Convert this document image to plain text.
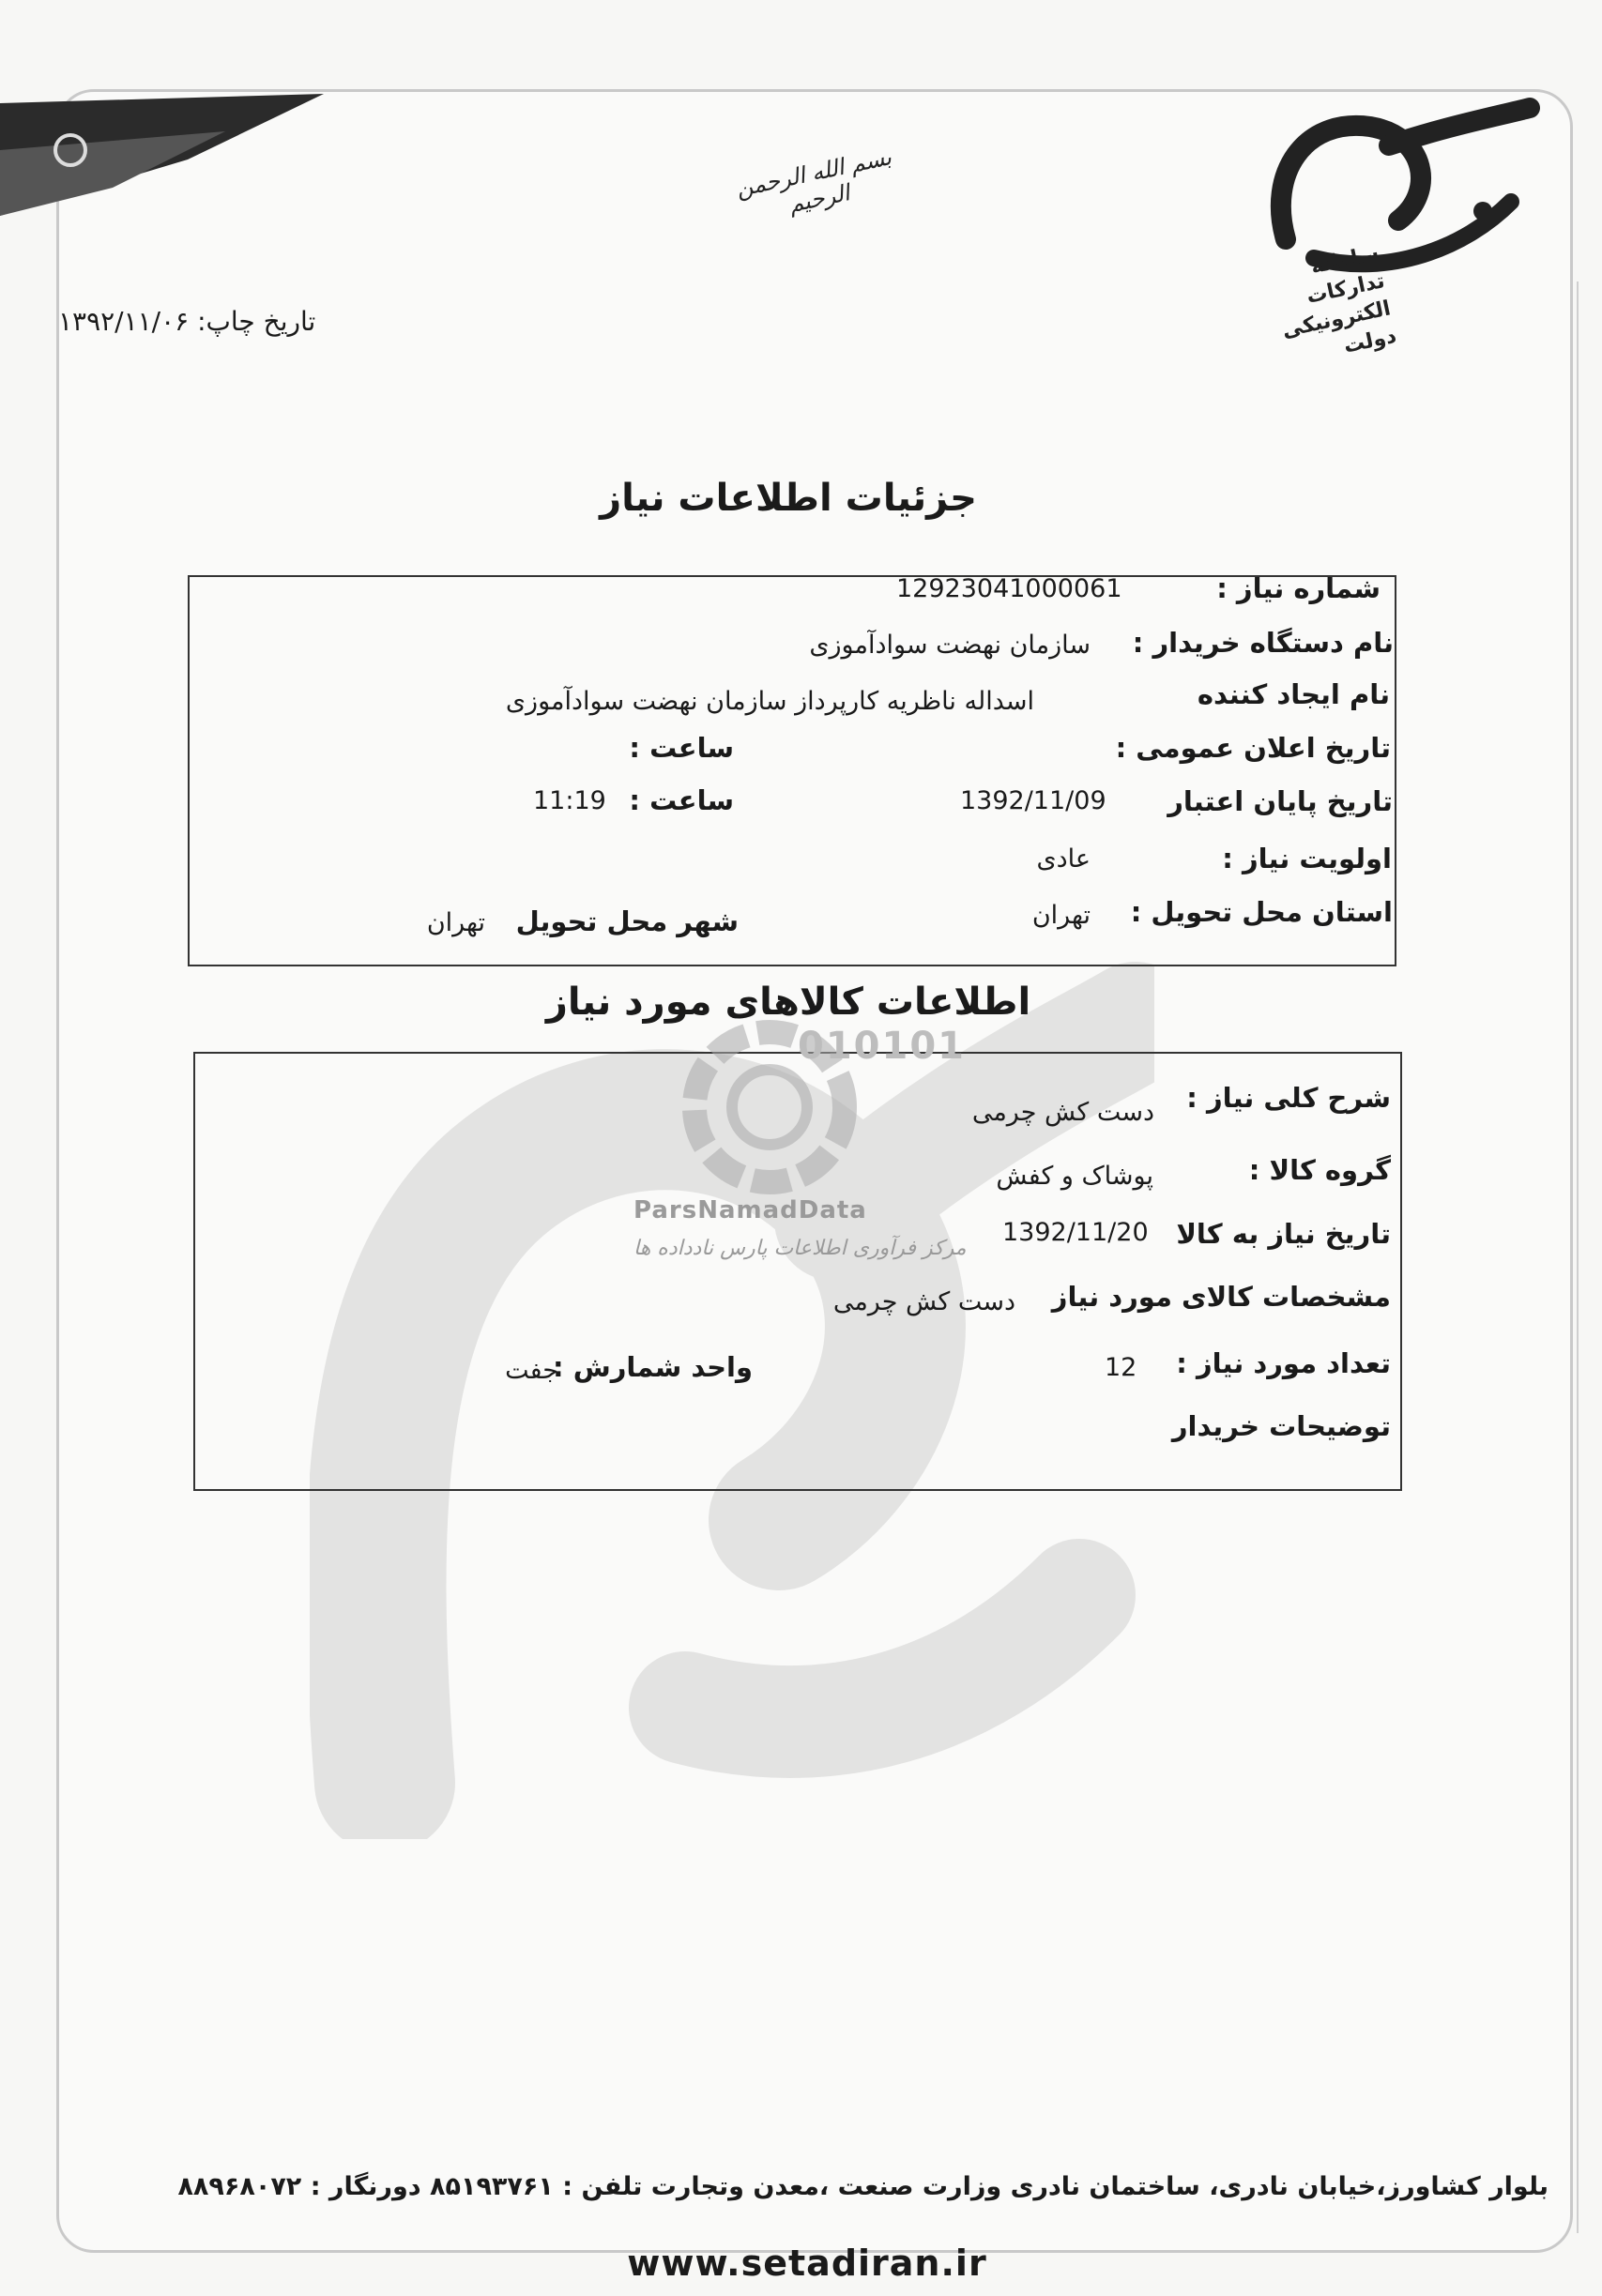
سامانه تدارکات الکترونیکی دولت
بسم الله الرحمن الرحیم
تاریخ چاپ: ۱۳۹۲/۱۱/۰۶
جزئیات اطلاعات نیاز
شماره نیاز :
12923041000061
نام دستگاه خریدار :
سازمان نهضت سوادآموزی
نام ایجاد کننده
اسداله ناظریه کارپرداز سازمان نهضت سوادآموزی
تاریخ اعلان عمومی :
ساعت :
تاریخ پایان اعتبار
1392/11/09
ساعت :
11:19
اولویت نیاز :
عادی
استان محل تحویل :
تهران
شهر محل تحویل
تهران
اطلاعات کالاهای مورد نیاز
010101
ParsNamadData
مرکز فرآوری اطلاعات پارس نادداده ها
شرح کلی نیاز :
دست کش چرمی
گروه کالا :
پوشاک و کفش
تاریخ نیاز به کالا
1392/11/20
مشخصات کالای مورد نیاز
دست کش چرمی
تعداد مورد نیاز :
12
واحد شمارش :
جفت
توضیحات خریدار
بلوار کشاورز،خیابان نادری، ساختمان نادری وزارت صنعت ،معدن وتجارت تلفن : ۸۵۱۹۳۷۶۱ دورنگار : ۸۸۹۶۸۰۷۲
www.setadiran.ir
